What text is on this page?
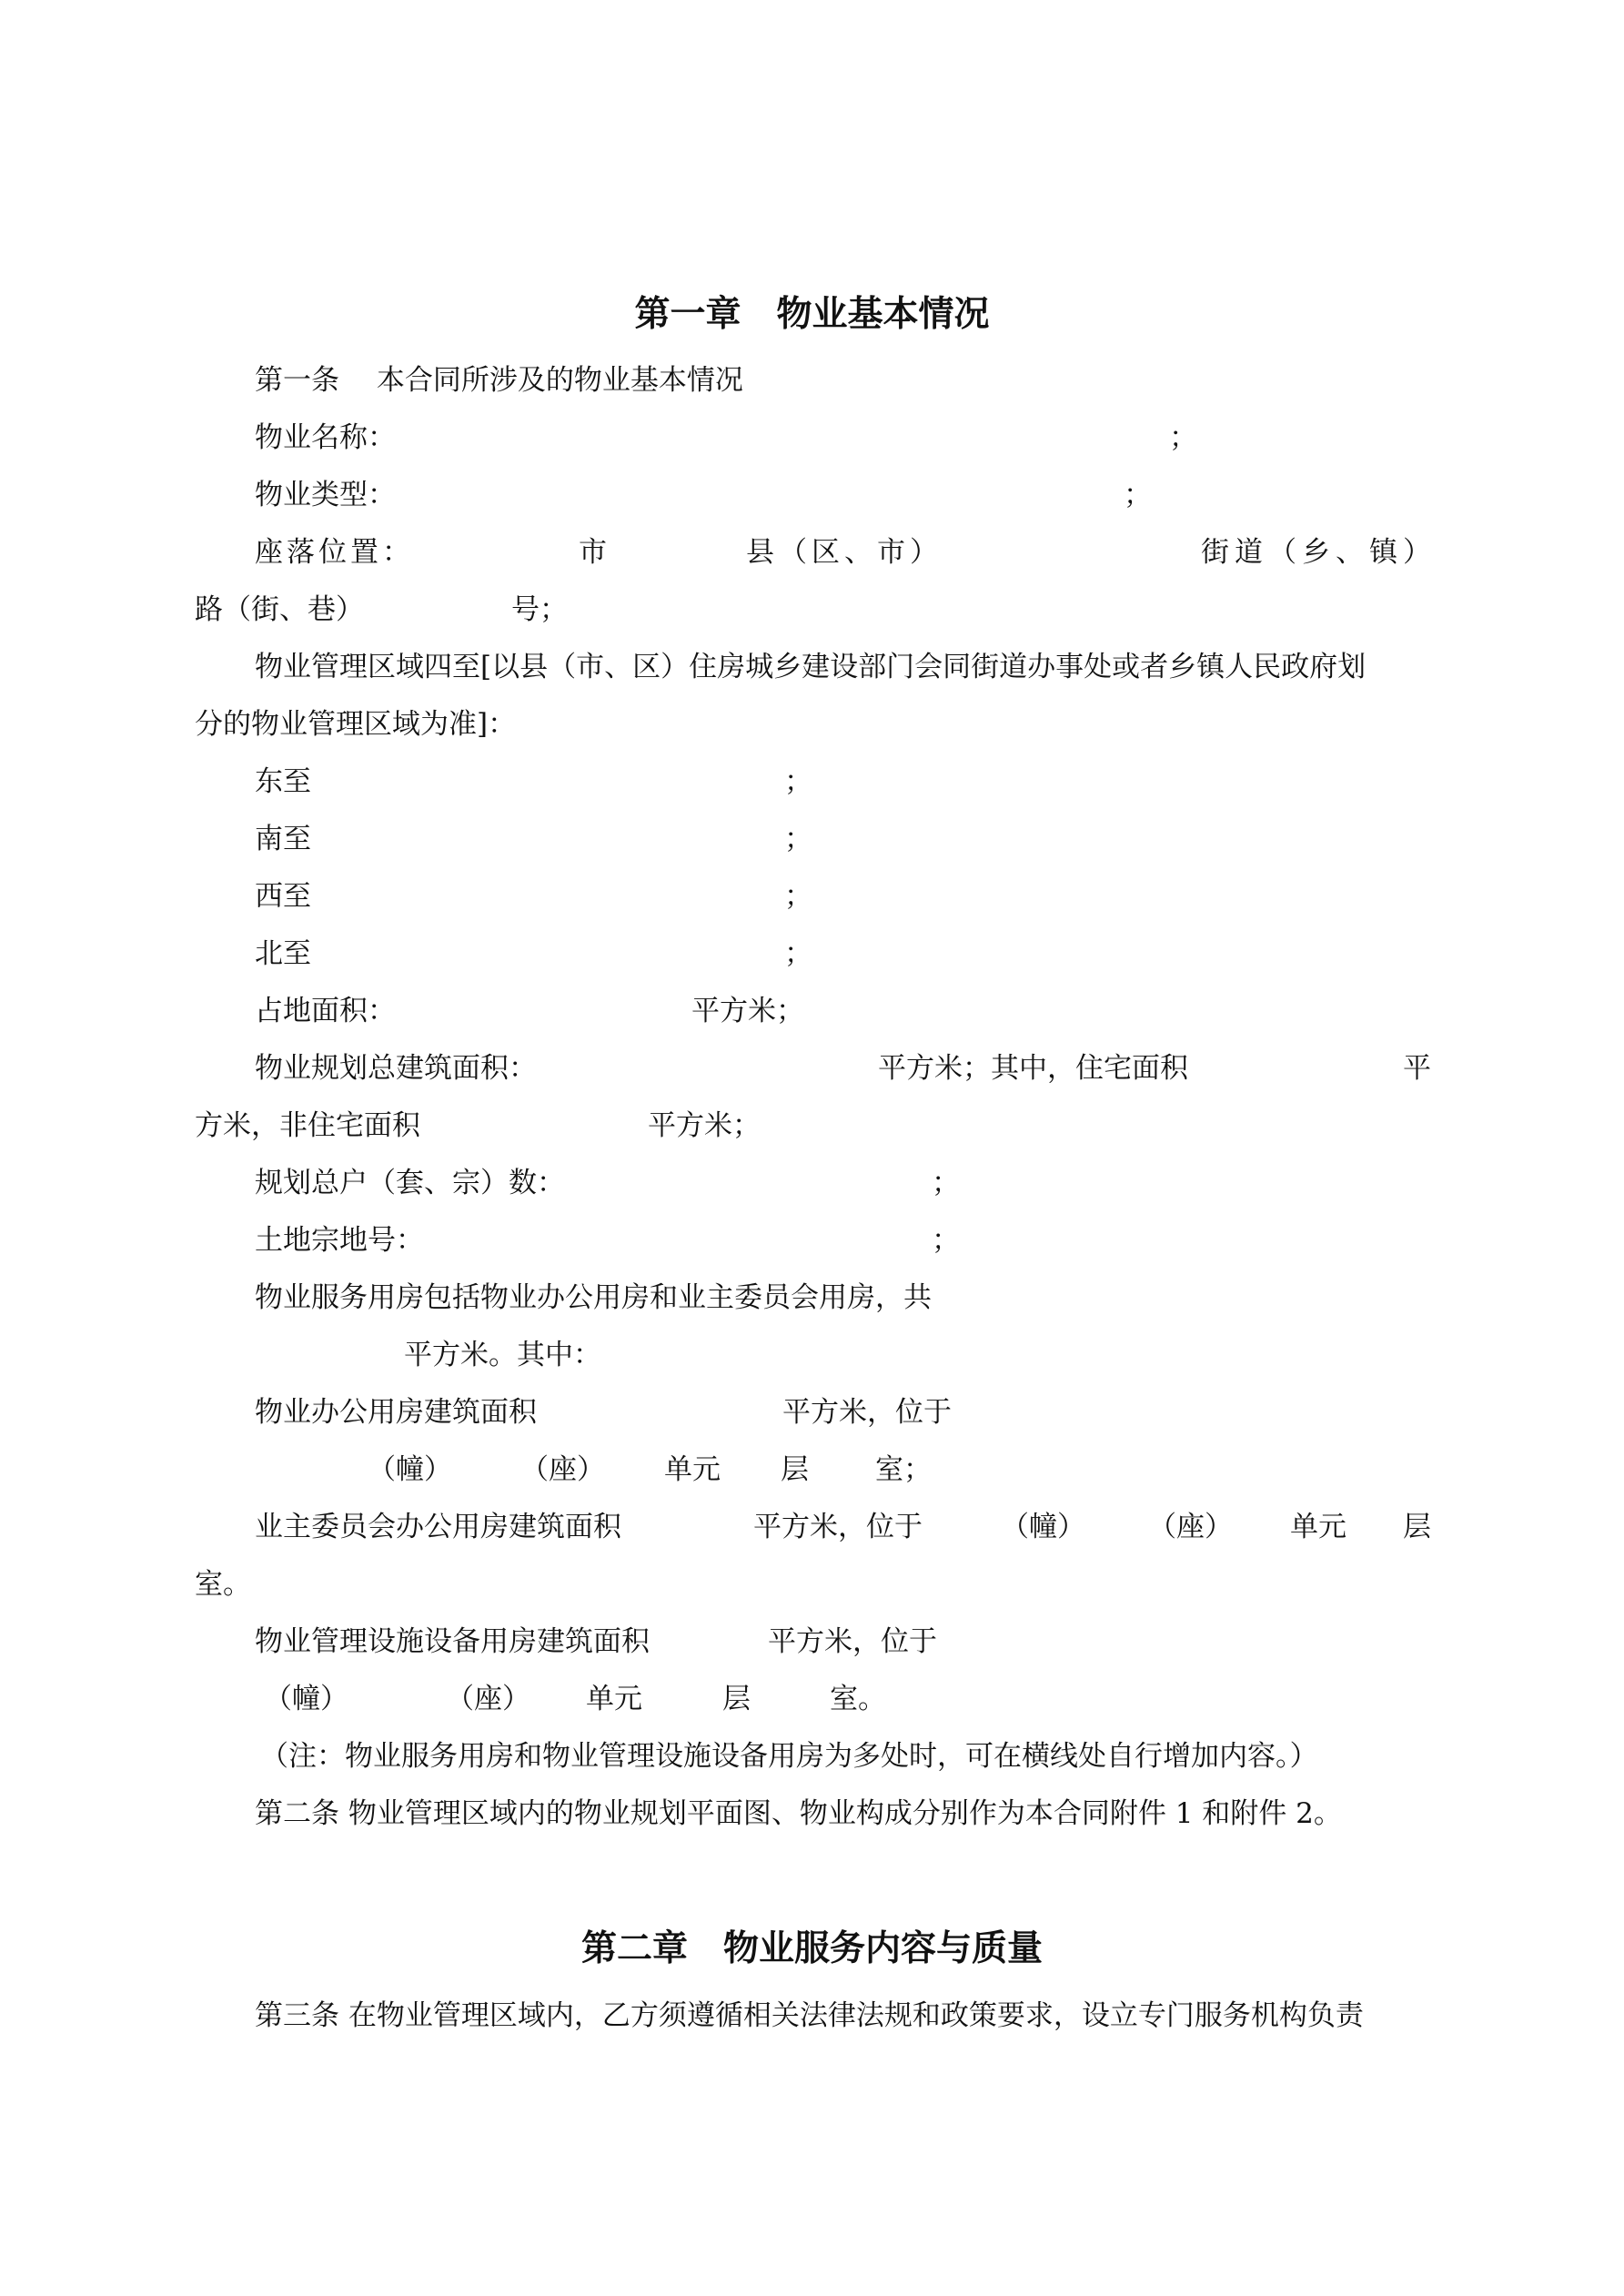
第一章　物业基本情况
第一条　 本合同所涉及的物业基本情况
物业名称：	；
物业类型：	；
座落位置：	市	县（区、市）	街道（乡、镇）
路（街、巷）	号；
物业管理区域四至[以县（市、区）住房城乡建设部门会同街道办事处或者乡镇人民政府划
分的物业管理区域为准]：
东至	；
南至	；
西至	；
北至	；
占地面积：	平方米；
物业规划总建筑面积：	平方米；其中，住宅面积	平
方米，非住宅面积	平方米；
规划总户（套、宗）数：	；
土地宗地号：	；
物业服务用房包括物业办公用房和业主委员会用房，共
平方米。其中：
物业办公用房建筑面积	平方米，位于
（幢） （座） 单元 层 室；
业主委员会办公用房建筑面积	平方米，位于	（幢） （座） 单元 层
室。
物业管理设施设备用房建筑面积	平方米，位于
（幢）	（座） 单元	层	室。
（注：物业服务用房和物业管理设施设备用房为多处时，可在横线处自行增加内容。）
第二条 物业管理区域内的物业规划平面图、物业构成分别作为本合同附件 1 和附件 2。
第二章　物业服务内容与质量
第三条 在物业管理区域内，乙方须遵循相关法律法规和政策要求，设立专门服务机构负责
